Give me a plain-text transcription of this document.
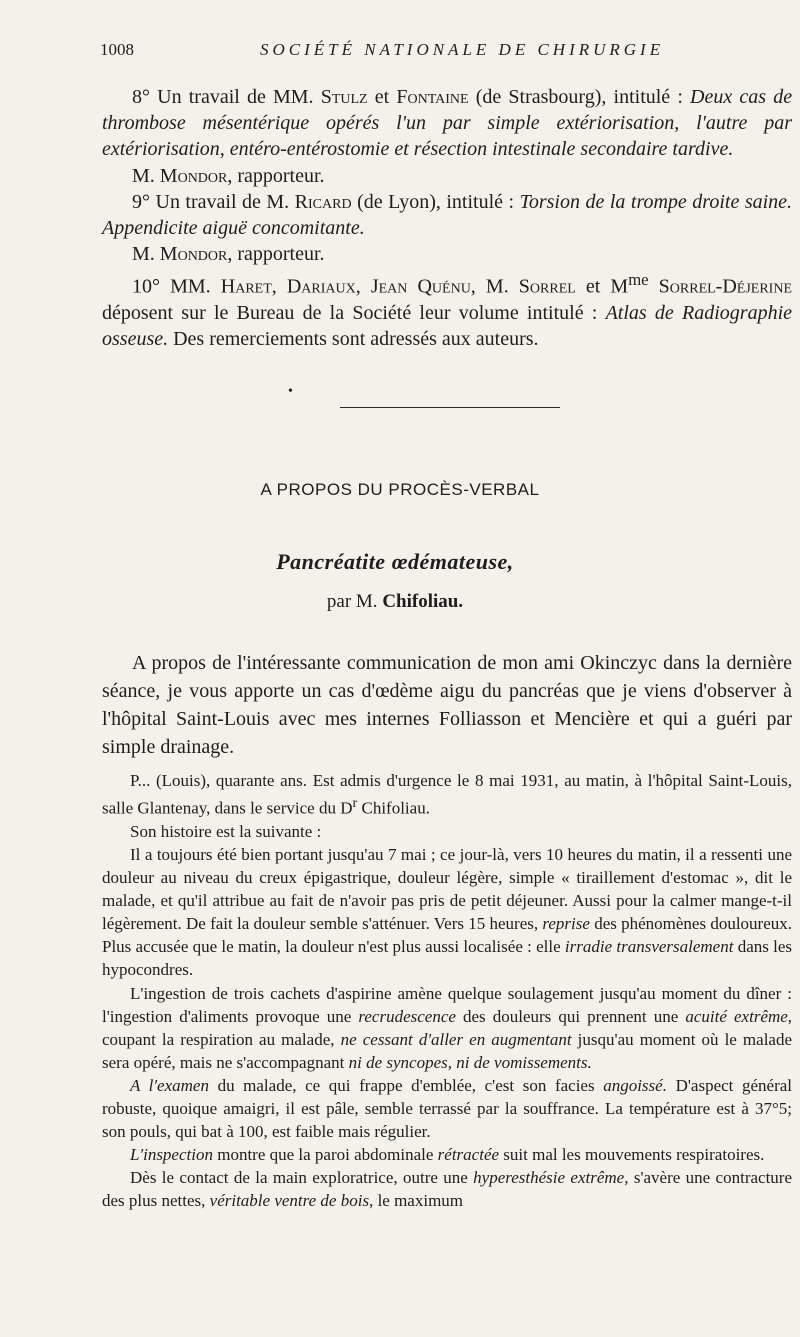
1008	SOCIÉTÉ NATIONALE DE CHIRURGIE

8° Un travail de MM. Stulz et Fontaine (de Strasbourg), intitulé : Deux cas de thrombose mésentérique opérés l'un par simple extériorisation, l'autre par extériorisation, entéro-entérostomie et résection intestinale secondaire tardive.

M. Mondor, rapporteur.

9° Un travail de M. Ricard (de Lyon), intitulé : Torsion de la trompe droite saine. Appendicite aiguë concomitante.

M. Mondor, rapporteur.

10° MM. Haret, Dariaux, Jean Quénu, M. Sorrel et $M^{me}$ Sorrel-Déjerine déposent sur le Bureau de la Société leur volume intitulé : Atlas de Radiographie osseuse. Des remerciements sont adressés aux auteurs.

•
A PROPOS DU PROCÈS-VERBAL
Pancréatite œdémateuse,
par M. Chifoliau.

A propos de l'intéressante communication de mon ami Okinczyc dans la dernière séance, je vous apporte un cas d'œdème aigu du pancréas que je viens d'observer à l'hôpital Saint-Louis avec mes internes Folliasson et Mencière et qui a guéri par simple drainage.

P... (Louis), quarante ans. Est admis d'urgence le 8 mai 1931, au matin, à l'hôpital Saint-Louis, salle Glantenay, dans le service du $D^r$ Chifoliau.

Son histoire est la suivante :

Il a toujours été bien portant jusqu'au 7 mai ; ce jour-là, vers 10 heures du matin, il a ressenti une douleur au niveau du creux épigastrique, douleur légère, simple « tiraillement d'estomac », dit le malade, et qu'il attribue au fait de n'avoir pas pris de petit déjeuner. Aussi pour la calmer mange-t-il légèrement. De fait la douleur semble s'atténuer. Vers 15 heures, reprise des phénomènes douloureux. Plus accusée que le matin, la douleur n'est plus aussi localisée : elle irradie transversalement dans les hypocondres.

L'ingestion de trois cachets d'aspirine amène quelque soulagement jusqu'au moment du dîner : l'ingestion d'aliments provoque une recrudescence des douleurs qui prennent une acuité extrême, coupant la respiration au malade, ne cessant d'aller en augmentant jusqu'au moment où le malade sera opéré, mais ne s'accompagnant ni de syncopes, ni de vomissements.

A l'examen du malade, ce qui frappe d'emblée, c'est son facies angoissé. D'aspect général robuste, quoique amaigri, il est pâle, semble terrassé par la souffrance. La température est à 37°5; son pouls, qui bat à 100, est faible mais régulier.

L'inspection montre que la paroi abdominale rétractée suit mal les mouvements respiratoires.

Dès le contact de la main exploratrice, outre une hyperesthésie extrême, s'avère une contracture des plus nettes, véritable ventre de bois, le maximum
